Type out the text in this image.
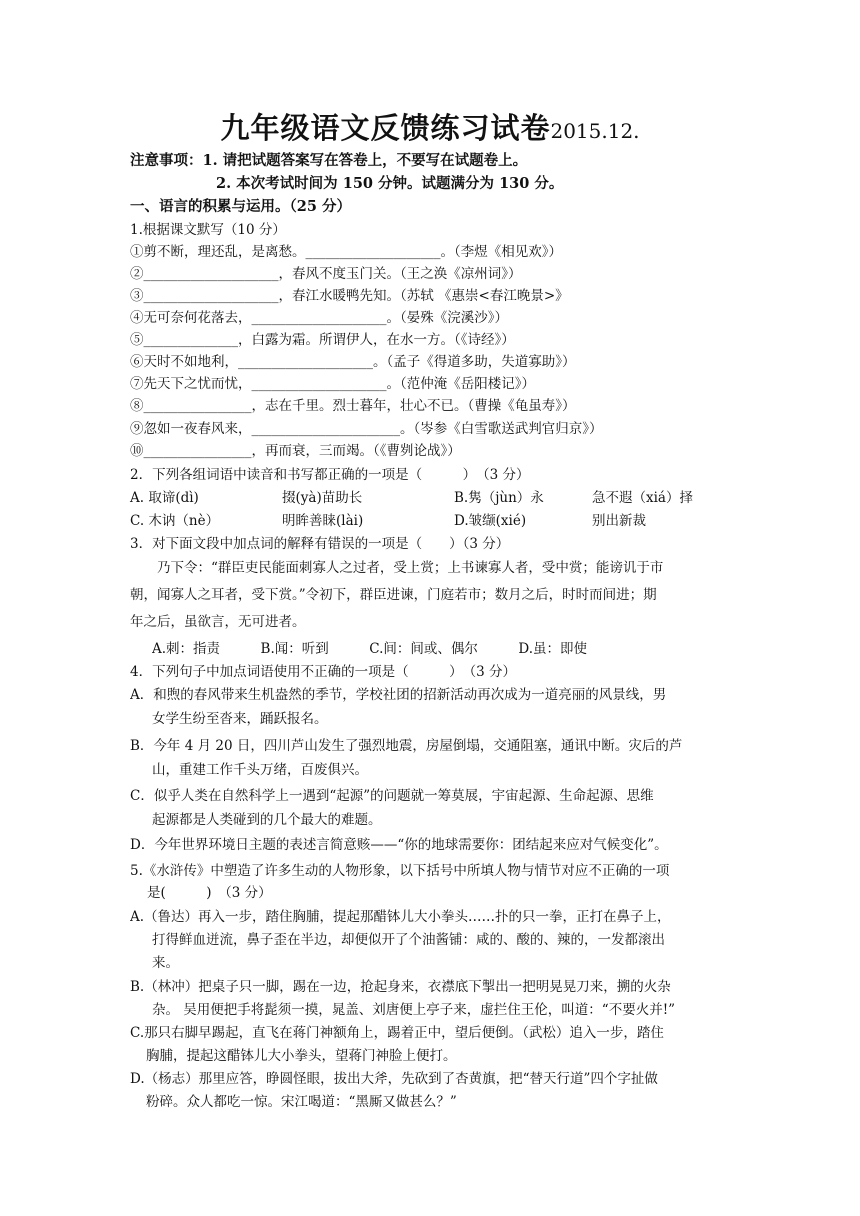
九年级语文反馈练习试卷2015.12.
注意事项：1. 请把试题答案写在答卷上，不要写在试题卷上。
2. 本次考试时间为 150 分钟。试题满分为 130 分。
一、语言的积累与运用。（25 分）
1.根据课文默写（10 分）
①剪不断，理还乱，是离愁。____________________。（李煜《相见欢》）
②____________________，春风不度玉门关。（王之涣《凉州词》）
③____________________，春江水暖鸭先知。（苏轼 《惠崇<春江晚景>》
④无可奈何花落去，____________________。（晏殊《浣溪沙》）
⑤______________，白露为霜。所谓伊人，在水一方。（《诗经》）
⑥天时不如地利，____________________。（孟子《得道多助，失道寡助》）
⑦先天下之忧而忧，____________________。（范仲淹《岳阳楼记》）
⑧________________，志在千里。烈士暮年，壮心不已。（曹操《龟虽寿》）
⑨忽如一夜春风来，______________________。（岑参《白雪歌送武判官归京》）
⑩________________，再而衰，三而竭。（《曹刿论战》）
2．下列各组词语中读音和书写都正确的一项是（　　　）　（3 分）
A. 取谛(dì)	掇(yà)苗助长	B.隽（jùn）永	急不遐（xiá）择
C. 木讷（nè）	明眸善睐(lài)	D.皱缬(xié)	别出新裁
3．对下面文段中加点词的解释有错误的一项是（　　）（3 分）
乃下令：“群臣吏民能面刺寡人之过者，受上赏；上书谏寡人者，受中赏；能谤讥于市
朝，闻寡人之耳者，受下赏。”令初下，群臣进谏，门庭若市；数月之后，时时而间进；期
年之后，虽欲言，无可进者。
A.刺：指责　　　B.闻：听到　　　C.间：间或、偶尔　　　D.虽：即使
4．下列句子中加点词语使用不正确的一项是（　　　）　（3 分）
A．和煦的春风带来生机盎然的季节，学校社团的招新活动再次成为一道亮丽的风景线，男
女学生纷至沓来，踊跃报名。
B．今年 4 月 20 日，四川芦山发生了强烈地震，房屋倒塌，交通阻塞，通讯中断。灾后的芦
山，重建工作千头万绪，百废俱兴。
C．似乎人类在自然科学上一遇到“起源”的问题就一筹莫展，宇宙起源、生命起源、思维
起源都是人类碰到的几个最大的难题。
D．今年世界环境日主题的表述言简意赅——“你的地球需要你：团结起来应对气候变化”。
5.《水浒传》中塑造了许多生动的人物形象，以下括号中所填人物与情节对应不正确的一项
是(　　　)　（3 分）
A.（鲁达）再入一步，踏住胸脯，提起那醋钵儿大小拳头……扑的只一拳，正打在鼻子上，
打得鲜血迸流，鼻子歪在半边，却便似开了个油酱铺：咸的、酸的、辣的，一发都滚出
来。
B.（林冲）把桌子只一脚，踢在一边，抢起身来，衣襟底下掣出一把明晃晃刀来，搠的火杂
杂。 吴用便把手将髭须一摸，晁盖、刘唐便上亭子来，虚拦住王伦，叫道：“不要火并!”
C.那只右脚早踢起，直飞在蒋门神额角上，踢着正中，望后便倒。（武松）追入一步，踏住
胸脯，提起这醋钵儿大小拳头，望蒋门神脸上便打。
D.（杨志）那里应答，睁圆怪眼，拔出大斧，先砍到了杏黄旗，把“替天行道”四个字扯做
粉碎。众人都吃一惊。宋江喝道：“黑厮又做甚么？”
